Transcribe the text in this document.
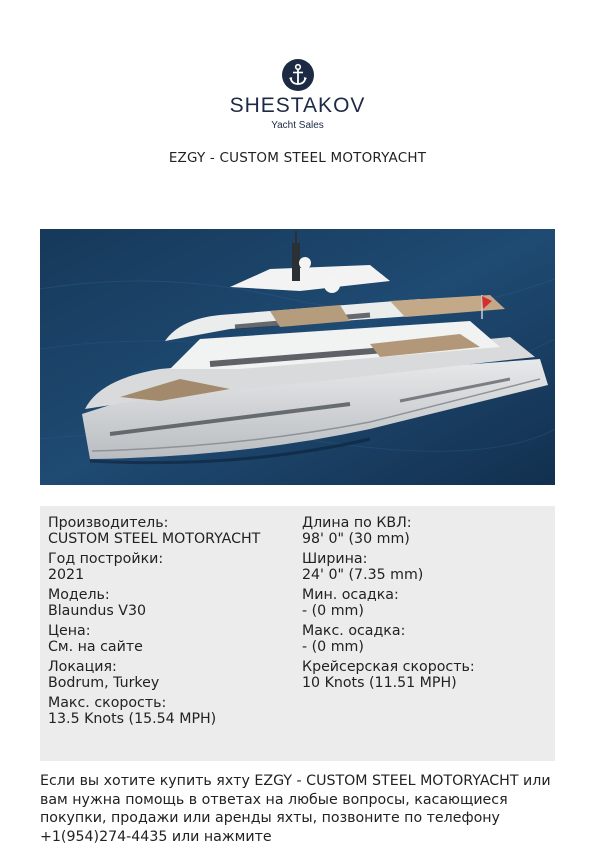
SHESTAKOV
Yacht Sales
EZGY - CUSTOM STEEL MOTORYACHT
Производитель:
CUSTOM STEEL MOTORYACHT
Год постройки:
2021
Модель:
Blaundus V30
Цена:
См. на сайте
Локация:
Bodrum, Turkey
Макс. скорость:
13.5 Knots (15.54 MPH)
Длина по КВЛ:
98' 0" (30 mm)
Ширина:
24' 0" (7.35 mm)
Мин. осадка:
- (0 mm)
Макс. осадка:
- (0 mm)
Крейсерская скорость:
10 Knots (11.51 MPH)
Если вы хотите купить яхту EZGY - CUSTOM STEEL MOTORYACHT или вам нужна помощь в ответах на любые вопросы, касающиеся покупки, продажи или аренды яхты, позвоните по телефону +1(954)274-4435 или нажмите
